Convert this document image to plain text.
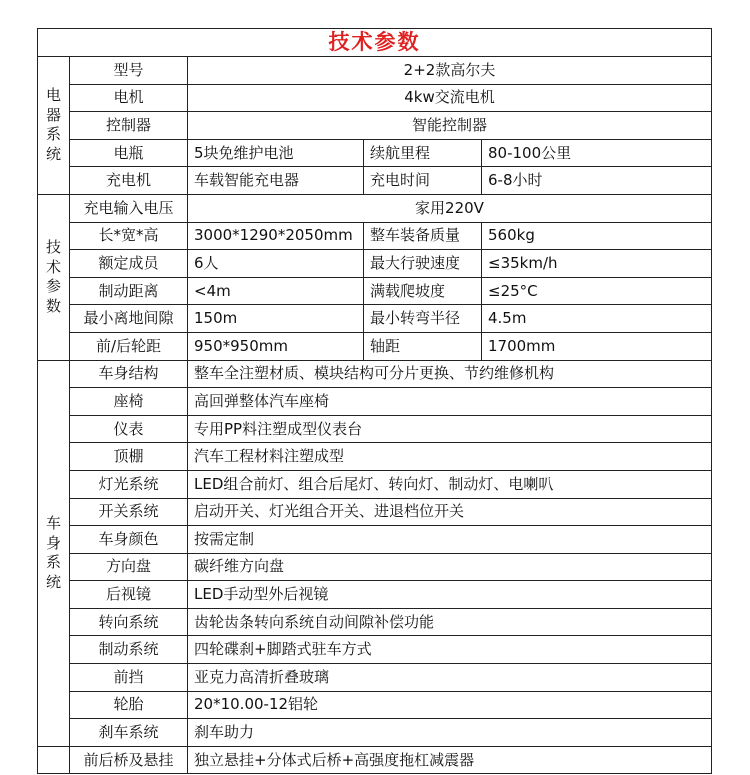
技术参数				
电器系统	型号	2+2款高尔夫		
	电机	4kw交流电机		
	控制器	智能控制器		
	电瓶	5块免维护电池	续航里程	80-100公里
	充电机	车载智能充电器	充电时间	6-8小时
技术参数	充电输入电压	家用220V		
	长*宽*高	3000*1290*2050mm	整车装备质量	560kg
	额定成员	6人	最大行驶速度	≤35km/h
	制动距离	<4m	满载爬坡度	≤25°C
	最小离地间隙	150m	最小转弯半径	4.5m
	前/后轮距	950*950mm	轴距	1700mm
车身系统	车身结构	整车全注塑材质、模块结构可分片更换、节约维修机构		
	座椅	高回弹整体汽车座椅		
	仪表	专用PP料注塑成型仪表台		
	顶棚	汽车工程材料注塑成型		
	灯光系统	LED组合前灯、组合后尾灯、转向灯、制动灯、电喇叭		
	开关系统	启动开关、灯光组合开关、进退档位开关		
	车身颜色	按需定制		
	方向盘	碳纤维方向盘		
	后视镜	LED手动型外后视镜		
	转向系统	齿轮齿条转向系统自动间隙补偿功能		
	制动系统	四轮碟刹+脚踏式驻车方式		
	前挡	亚克力高清折叠玻璃		
	轮胎	20*10.00-12铝轮		
	刹车系统	刹车助力		
	前后桥及悬挂	独立悬挂+分体式后桥+高强度拖杠减震器		
